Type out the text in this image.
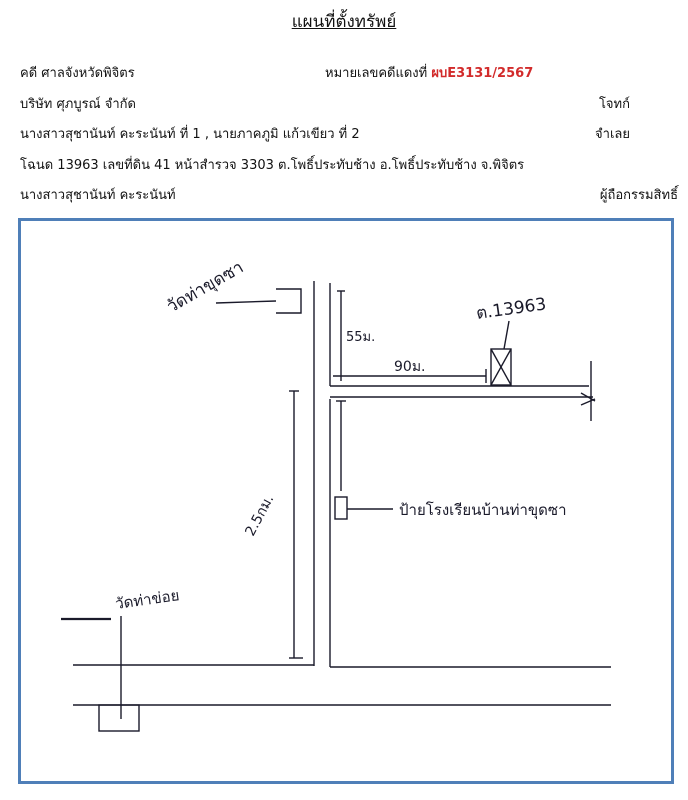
แผนที่ตั้งทรัพย์
คดี ศาลจังหวัดพิจิตร	หมายเลขคดีแดงที่ ผบE3131/2567
บริษัท ศุภบูรณ์ จำกัด	โจทก์
นางสาวสุชานันท์ คะระนันท์ ที่ 1 , นายภาคภูมิ แก้วเขียว ที่ 2	จำเลย
โฉนด 13963 เลขที่ดิน 41 หน้าสำรวจ 3303 ต.โพธิ์ประทับช้าง อ.โพธิ์ประทับช้าง จ.พิจิตร
นางสาวสุชานันท์ คะระนันท์	ผู้ถือกรรมสิทธิ์
วัดท่าขุดซา	ต.13963
55ม.
90ม.
2.5กม.	ป้ายโรงเรียนบ้านท่าขุดซา
วัดท่าข่อย
